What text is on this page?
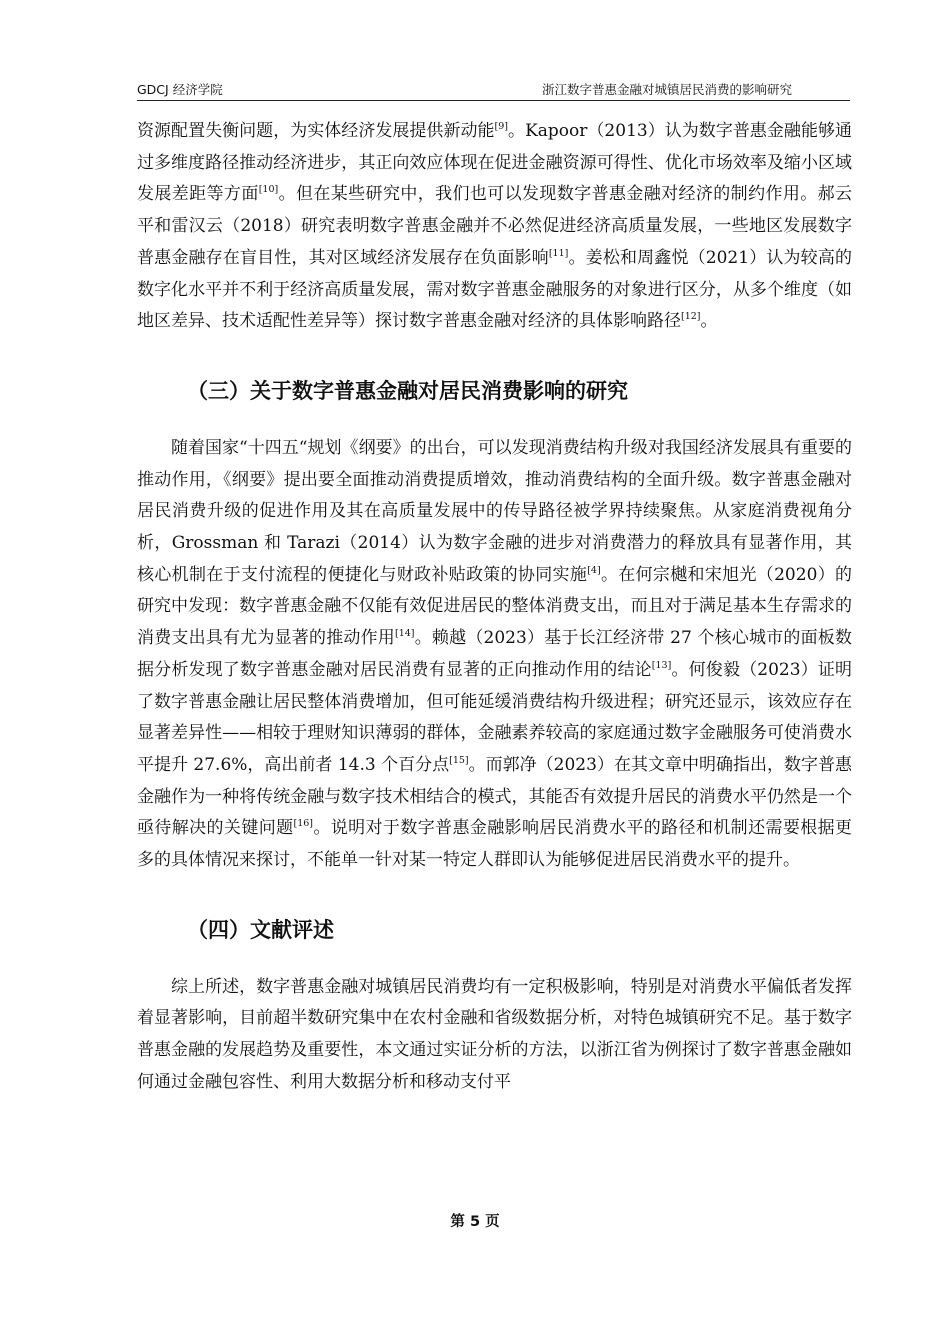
GDCJ 经济学院	浙江数字普惠金融对城镇居民消费的影响研究

资源配置失衡问题，为实体经济发展提供新动能[9]。Kapoor（2013）认为数字普惠金融能够通过多维度路径推动经济进步，其正向效应体现在促进金融资源可得性、优化市场效率及缩小区域发展差距等方面[10]。但在某些研究中，我们也可以发现数字普惠金融对经济的制约作用。郝云平和雷汉云（2018）研究表明数字普惠金融并不必然促进经济高质量发展，一些地区发展数字普惠金融存在盲目性，其对区域经济发展存在负面影响[11]。姜松和周鑫悦（2021）认为较高的数字化水平并不利于经济高质量发展，需对数字普惠金融服务的对象进行区分，从多个维度（如地区差异、技术适配性差异等）探讨数字普惠金融对经济的具体影响路径[12]。

（三）关于数字普惠金融对居民消费影响的研究

随着国家“十四五“规划《纲要》的出台，可以发现消费结构升级对我国经济发展具有重要的推动作用，《纲要》提出要全面推动消费提质增效，推动消费结构的全面升级。数字普惠金融对居民消费升级的促进作用及其在高质量发展中的传导路径被学界持续聚焦。从家庭消费视角分析，Grossman 和 Tarazi（2014）认为数字金融的进步对消费潜力的释放具有显著作用，其核心机制在于支付流程的便捷化与财政补贴政策的协同实施[4]。在何宗樾和宋旭光（2020）的研究中发现：数字普惠金融不仅能有效促进居民的整体消费支出，而且对于满足基本生存需求的消费支出具有尤为显著的推动作用[14]。赖越（2023）基于长江经济带 27 个核心城市的面板数据分析发现了数字普惠金融对居民消费有显著的正向推动作用的结论[13]。何俊毅（2023）证明了数字普惠金融让居民整体消费增加，但可能延缓消费结构升级进程；研究还显示，该效应存在显著差异性——相较于理财知识薄弱的群体，金融素养较高的家庭通过数字金融服务可使消费水平提升 27.6%，高出前者 14.3 个百分点[15]。而郭净（2023）在其文章中明确指出，数字普惠金融作为一种将传统金融与数字技术相结合的模式，其能否有效提升居民的消费水平仍然是一个亟待解决的关键问题[16]。说明对于数字普惠金融影响居民消费水平的路径和机制还需要根据更多的具体情况来探讨，不能单一针对某一特定人群即认为能够促进居民消费水平的提升。

（四）文献评述

综上所述，数字普惠金融对城镇居民消费均有一定积极影响，特别是对消费水平偏低者发挥着显著影响，目前超半数研究集中在农村金融和省级数据分析，对特色城镇研究不足。基于数字普惠金融的发展趋势及重要性，本文通过实证分析的方法，以浙江省为例探讨了数字普惠金融如何通过金融包容性、利用大数据分析和移动支付平

第 5 页
